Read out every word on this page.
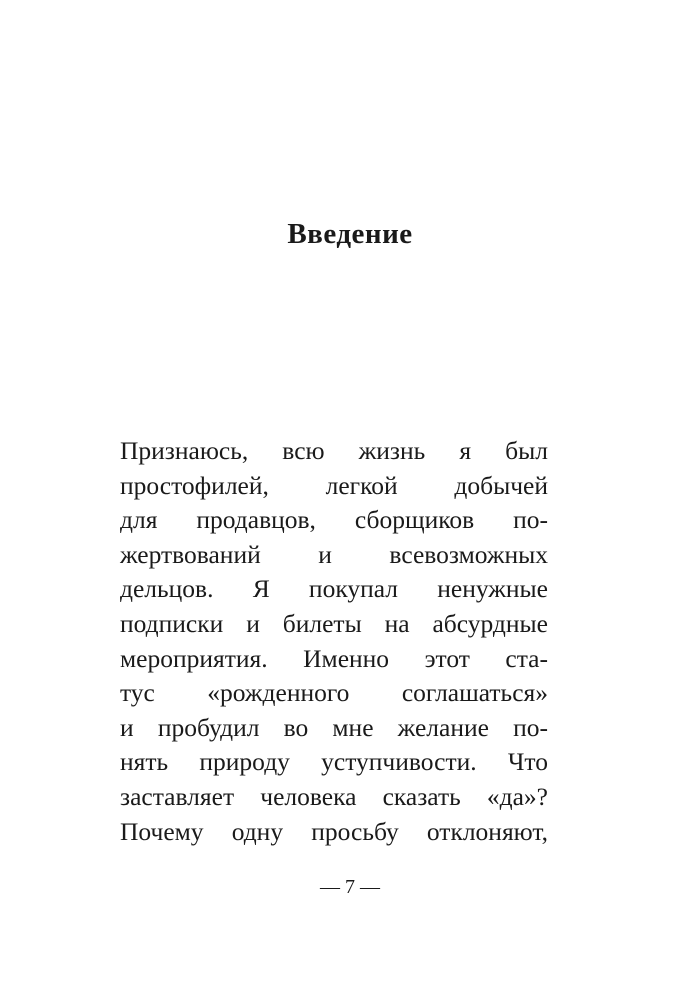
Введение
Признаюсь, всю жизнь я был
простофилей, легкой добычей
для продавцов, сборщиков по-
жертвований и всевозможных
дельцов. Я покупал ненужные
подписки и билеты на абсурдные
мероприятия. Именно этот ста-
тус «рожденного соглашаться»
и пробудил во мне желание по-
нять природу уступчивости. Что
заставляет человека сказать «да»?
Почему одну просьбу отклоняют,
— 7 —
